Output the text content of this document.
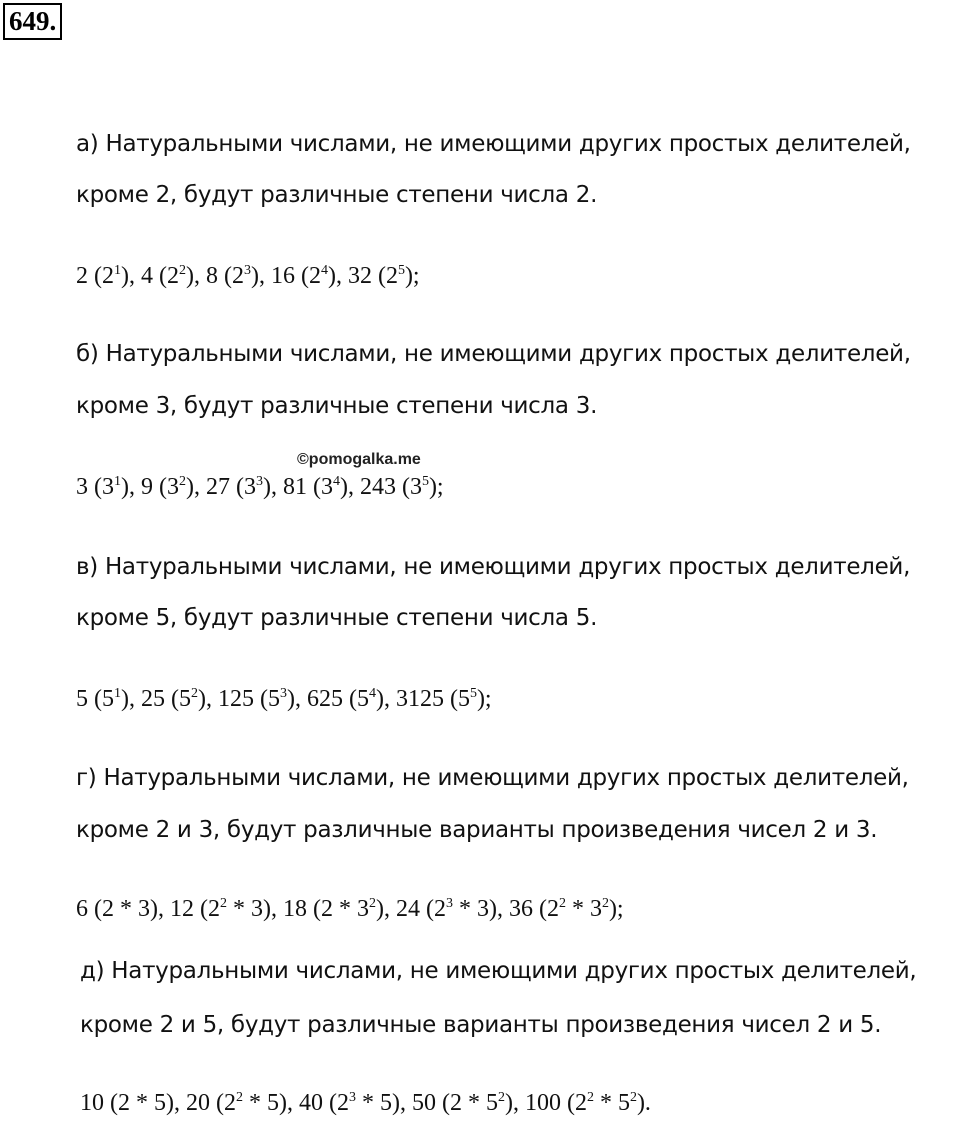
649.
а) Натуральными числами, не имеющими других простых делителей,
кроме 2, будут различные степени числа 2.
2 $(2^1)$, 4 $(2^2)$, 8 $(2^3)$, 16 $(2^4)$, 32 $(2^5)$;
б) Натуральными числами, не имеющими других простых делителей,
кроме 3, будут различные степени числа 3.
©pomogalka.me
3 $(3^1)$, 9 $(3^2)$, 27 $(3^3)$, 81 $(3^4)$, 243 $(3^5)$;
в) Натуральными числами, не имеющими других простых делителей,
кроме 5, будут различные степени числа 5.
5 $(5^1)$, 25 $(5^2)$, 125 $(5^3)$, 625 $(5^4)$, 3125 $(5^5)$;
г) Натуральными числами, не имеющими других простых делителей,
кроме 2 и 3, будут различные варианты произведения чисел 2 и 3.
6 (2 * 3), 12 $(2^2 * 3)$, 18 $(2 * 3^2)$, 24 $(2^3 * 3)$, 36 $(2^2 * 3^2)$;
д) Натуральными числами, не имеющими других простых делителей,
кроме 2 и 5, будут различные варианты произведения чисел 2 и 5.
10 (2 * 5), 20 $(2^2 * 5)$, 40 $(2^3 * 5)$, 50 $(2 * 5^2)$, 100 $(2^2 * 5^2)$.
